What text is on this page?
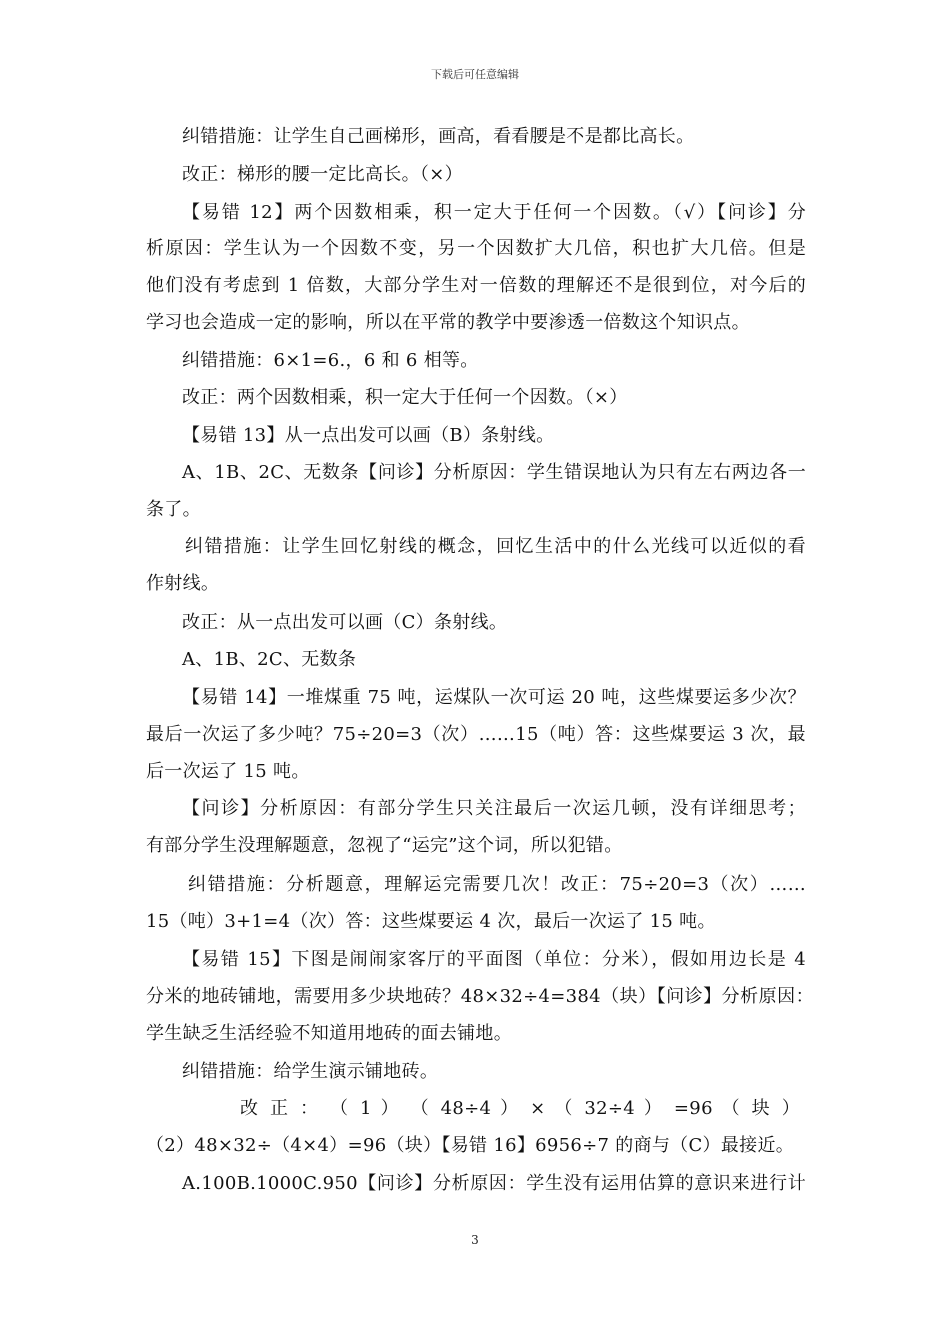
下载后可任意编辑
纠错措施：让学生自己画梯形，画高，看看腰是不是都比高长。
改正：梯形的腰一定比高长。（×）
【易错 12】两个因数相乘，积一定大于任何一个因数。（√）【问诊】分
析原因：学生认为一个因数不变，另一个因数扩大几倍，积也扩大几倍。但是
他们没有考虑到 1 倍数，大部分学生对一倍数的理解还不是很到位，对今后的
学习也会造成一定的影响，所以在平常的教学中要渗透一倍数这个知识点。
纠错措施：6×1=6.，6 和 6 相等。
改正：两个因数相乘，积一定大于任何一个因数。（×）
【易错 13】从一点出发可以画（B）条射线。
A、1B、2C、无数条【问诊】分析原因：学生错误地认为只有左右两边各一
条了。
纠错措施：让学生回忆射线的概念，回忆生活中的什么光线可以近似的看
作射线。
改正：从一点出发可以画（C）条射线。
A、1B、2C、无数条
【易错 14】一堆煤重 75 吨，运煤队一次可运 20 吨，这些煤要运多少次？
最后一次运了多少吨？75÷20=3（次）……15（吨）答：这些煤要运 3 次，最
后一次运了 15 吨。
【问诊】分析原因：有部分学生只关注最后一次运几顿，没有详细思考；
有部分学生没理解题意，忽视了“运完”这个词，所以犯错。
纠错措施：分析题意，理解运完需要几次！改正：75÷20=3（次）……
15（吨）3+1=4（次）答：这些煤要运 4 次，最后一次运了 15 吨。
【易错 15】下图是闹闹家客厅的平面图（单位：分米），假如用边长是 4
分米的地砖铺地，需要用多少块地砖？48×32÷4=384（块）【问诊】分析原因：
学生缺乏生活经验不知道用地砖的面去铺地。
纠错措施：给学生演示铺地砖。
改 正 ： （ 1 ） （ 48÷4 ） × （ 32÷4 ） =96 （ 块 ）
（2）48×32÷（4×4）=96（块）【易错 16】6956÷7 的商与（C）最接近。
A.100B.1000C.950【问诊】分析原因：学生没有运用估算的意识来进行计
3
